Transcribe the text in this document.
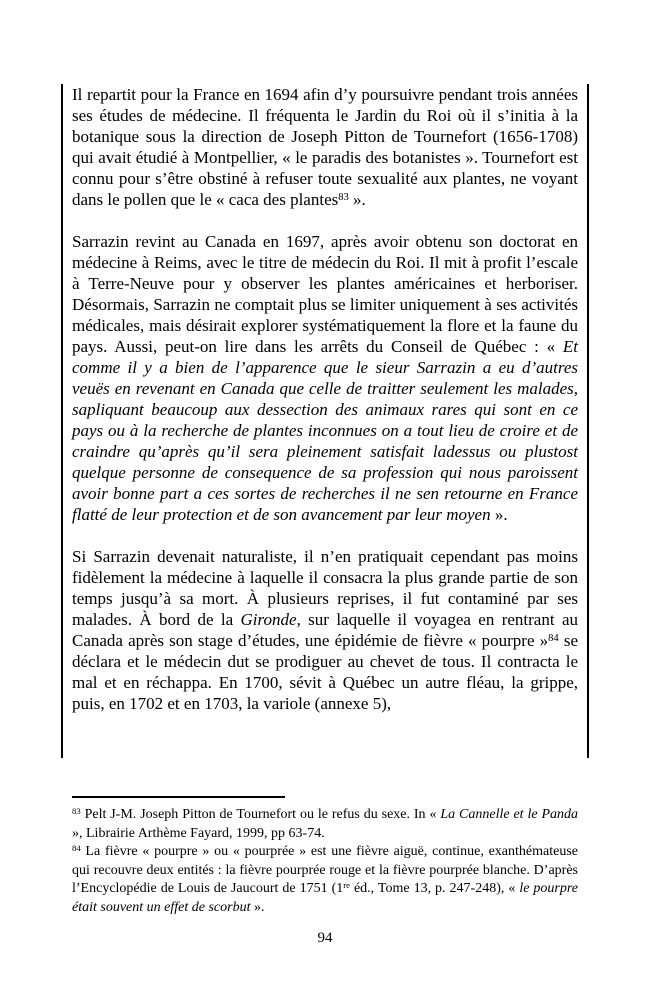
Il repartit pour la France en 1694 afin d’y poursuivre pendant trois années ses études de médecine. Il fréquenta le Jardin du Roi où il s’initia à la botanique sous la direction de Joseph Pitton de Tournefort (1656-1708) qui avait étudié à Montpellier, « le paradis des botanistes ». Tournefort est connu pour s’être obstiné à refuser toute sexualité aux plantes, ne voyant dans le pollen que le « caca des plantes$^{83}$ ».

Sarrazin revint au Canada en 1697, après avoir obtenu son doctorat en médecine à Reims, avec le titre de médecin du Roi. Il mit à profit l’escale à Terre-Neuve pour y observer les plantes américaines et herboriser. Désormais, Sarrazin ne comptait plus se limiter uniquement à ses activités médicales, mais désirait explorer systématiquement la flore et la faune du pays. Aussi, peut-on lire dans les arrêts du Conseil de Québec : « Et comme il y a bien de l’apparence que le sieur Sarrazin a eu d’autres veuës en revenant en Canada que celle de traitter seulement les malades, sapliquant beaucoup aux dessection des animaux rares qui sont en ce pays ou à la recherche de plantes inconnues on a tout lieu de croire et de craindre qu’après qu’il sera pleinement satisfait ladessus ou plustost quelque personne de consequence de sa profession qui nous paroissent avoir bonne part a ces sortes de recherches il ne sen retourne en France flatté de leur protection et de son avancement par leur moyen ».

Si Sarrazin devenait naturaliste, il n’en pratiquait cependant pas moins fidèlement la médecine à laquelle il consacra la plus grande partie de son temps jusqu’à sa mort. À plusieurs reprises, il fut contaminé par ses malades. À bord de la Gironde, sur laquelle il voyagea en rentrant au Canada après son stage d’études, une épidémie de fièvre « pourpre »$^{84}$ se déclara et le médecin dut se prodiguer au chevet de tous. Il contracta le mal et en réchappa. En 1700, sévit à Québec un autre fléau, la grippe, puis, en 1702 et en 1703, la variole (annexe 5),

$^{83}$ Pelt J-M. Joseph Pitton de Tournefort ou le refus du sexe. In « La Cannelle et le Panda », Librairie Arthème Fayard, 1999, pp 63-74.

$^{84}$ La fièvre « pourpre » ou « pourprée » est une fièvre aiguë, continue, exanthémateuse qui recouvre deux entités : la fièvre pourprée rouge et la fièvre pourprée blanche. D’après l’Encyclopédie de Louis de Jaucourt de 1751 (1re éd., Tome 13, p. 247-248), « le pourpre était souvent un effet de scorbut ».

94
